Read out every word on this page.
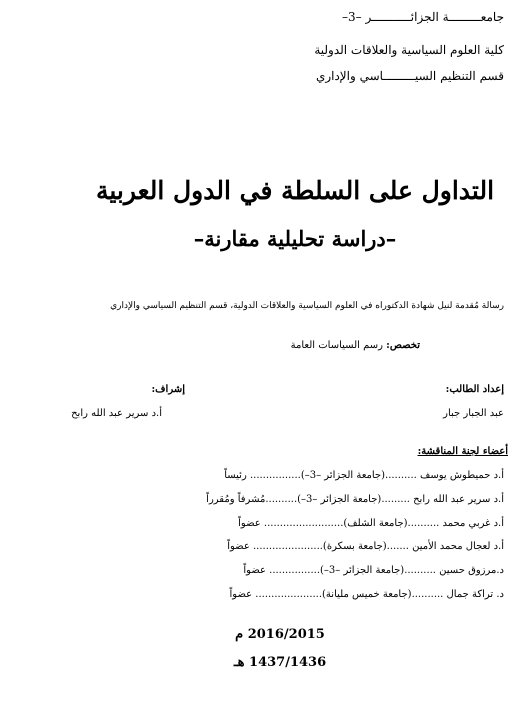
جامعـــــــــة الجزائـــــــــــر –3–
كلية العلوم السياسية والعلاقات الدولية
قسم التنظيم السيـــــــــاسي والإداري
التداول على السلطة في الدول العربية
–دراسة تحليلية مقارنة–
رسالة مُقدمة لنيل شهادة الدكتوراه في العلوم السياسية والعلاقات الدولية، قسم التنظيم السياسي والإداري
تخصص: رسم السياسات العامة
إعداد الطالب:
عبد الجبار جبار
إشراف:
أ.د سرير عبد الله رابح
أعضاء لجنة المناقشة:
أ.د حميطوش يوسف ..........(جامعة الجزائر –3–)................ رئيساً
أ.د سرير عبد الله رابح .........(جامعة الجزائر –3–)..........مُشرفاً ومُقرراً
أ.د غربي محمد ..........(جامعة الشلف)......................... عضواً
أ.د لعجال محمد الأمين .......(جامعة بسكرة)...................... عضواً
د.مرزوق حسين ..........(جامعة الجزائر –3–)................ عضواً
د. تراكة جمال ..........(جامعة خميس مليانة)..................... عضواً
2016/2015 م
1437/1436 هـ
